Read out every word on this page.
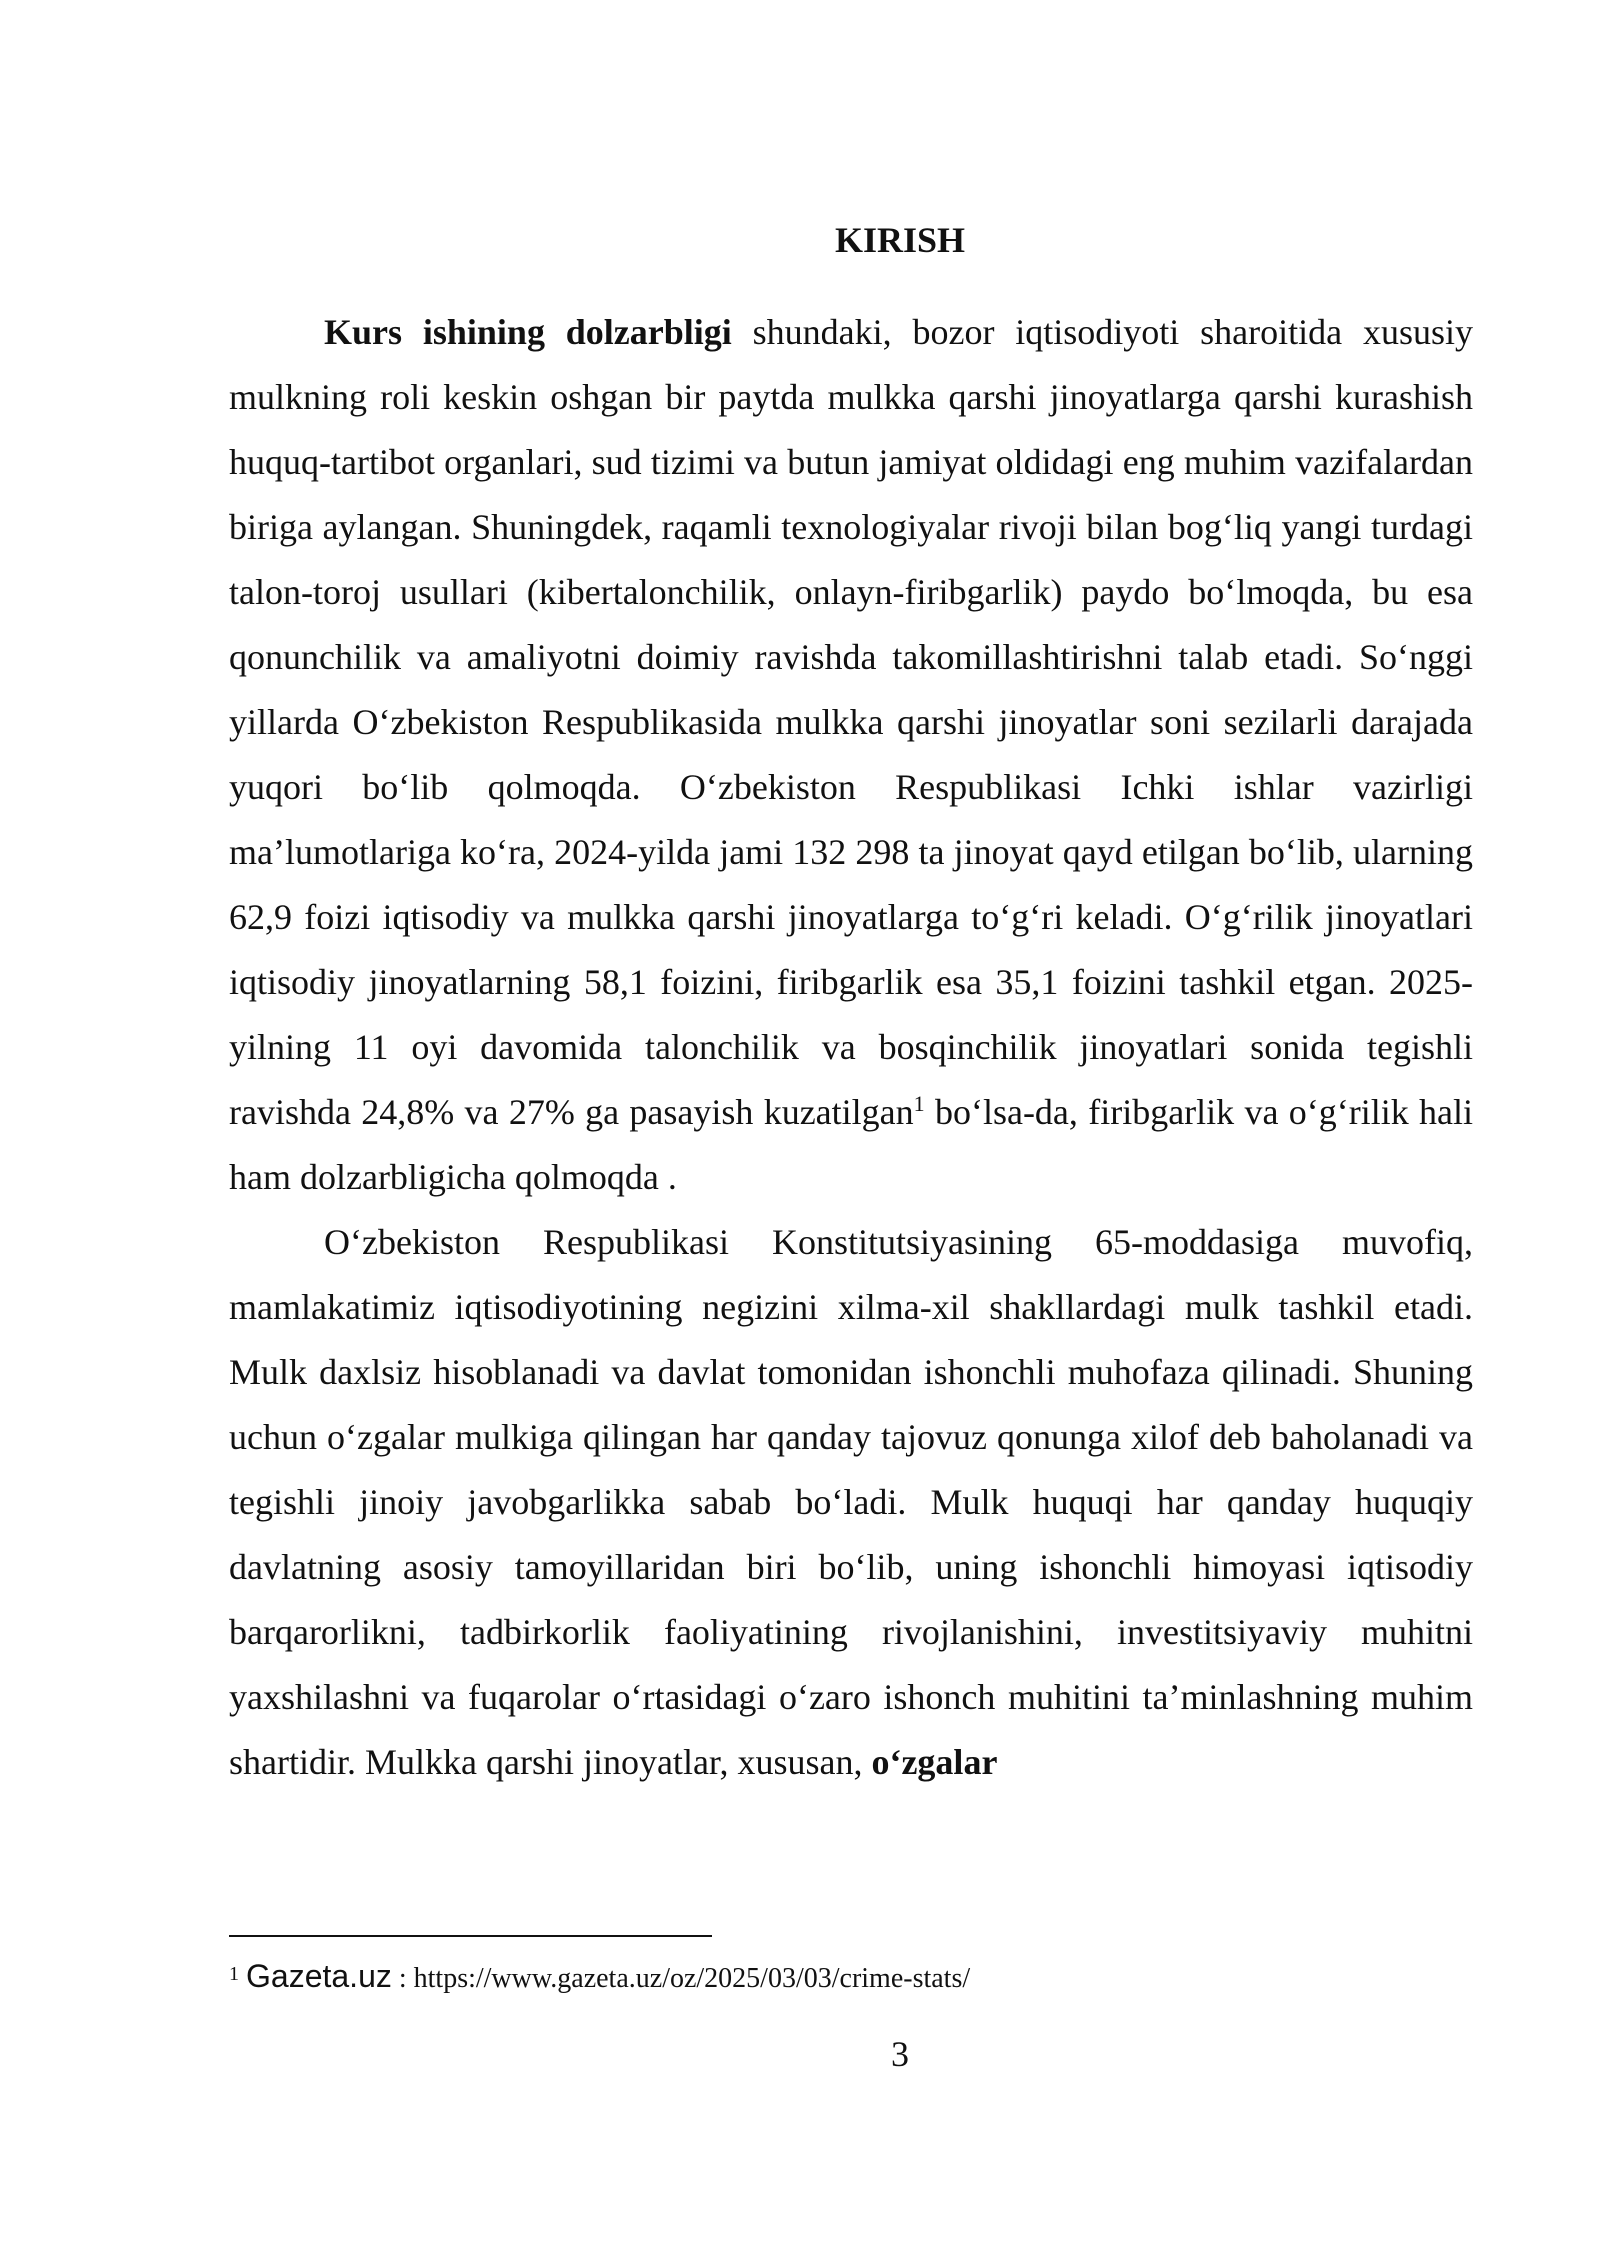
KIRISH

Kurs ishining dolzarbligi shundaki, bozor iqtisodiyoti sharoitida xususiy mulkning roli keskin oshgan bir paytda mulkka qarshi jinoyatlarga qarshi kurashish huquq-tartibot organlari, sud tizimi va butun jamiyat oldidagi eng muhim vazifalardan biriga aylangan. Shuningdek, raqamli texnologiyalar rivoji bilan bog‘liq yangi turdagi talon-toroj usullari (kibertalonchilik, onlayn-firibgarlik) paydo bo‘lmoqda, bu esa qonunchilik va amaliyotni doimiy ravishda takomillashtirishni talab etadi. So‘nggi yillarda O‘zbekiston Respublikasida mulkka qarshi jinoyatlar soni sezilarli darajada yuqori bo‘lib qolmoqda. O‘zbekiston Respublikasi Ichki ishlar vazirligi ma’lumotlariga ko‘ra, 2024-yilda jami 132 298 ta jinoyat qayd etilgan bo‘lib, ularning 62,9 foizi iqtisodiy va mulkka qarshi jinoyatlarga to‘g‘ri keladi. O‘g‘rilik jinoyatlari iqtisodiy jinoyatlarning 58,1 foizini, firibgarlik esa 35,1 foizini tashkil etgan. 2025-yilning 11 oyi davomida talonchilik va bosqinchilik jinoyatlari sonida tegishli ravishda 24,8% va 27% ga pasayish kuzatilgan$^1$ bo‘lsa-da, firibgarlik va o‘g‘rilik hali ham dolzarbligicha qolmoqda .

O‘zbekiston Respublikasi Konstitutsiyasining 65-moddasiga muvofiq, mamlakatimiz iqtisodiyotining negizini xilma-xil shakllardagi mulk tashkil etadi. Mulk daxlsiz hisoblanadi va davlat tomonidan ishonchli muhofaza qilinadi. Shuning uchun o‘zgalar mulkiga qilingan har qanday tajovuz qonunga xilof deb baholanadi va tegishli jinoiy javobgarlikka sabab bo‘ladi. Mulk huquqi har qanday huquqiy davlatning asosiy tamoyillaridan biri bo‘lib, uning ishonchli himoyasi iqtisodiy barqarorlikni, tadbirkorlik faoliyatining rivojlanishini, investitsiyaviy muhitni yaxshilashni va fuqarolar o‘rtasidagi o‘zaro ishonch muhitini ta’minlashning muhim shartidir. Mulkka qarshi jinoyatlar, xususan, o‘zgalar

$^1$ Gazeta.uz : https://www.gazeta.uz/oz/2025/03/03/crime-stats/
3
